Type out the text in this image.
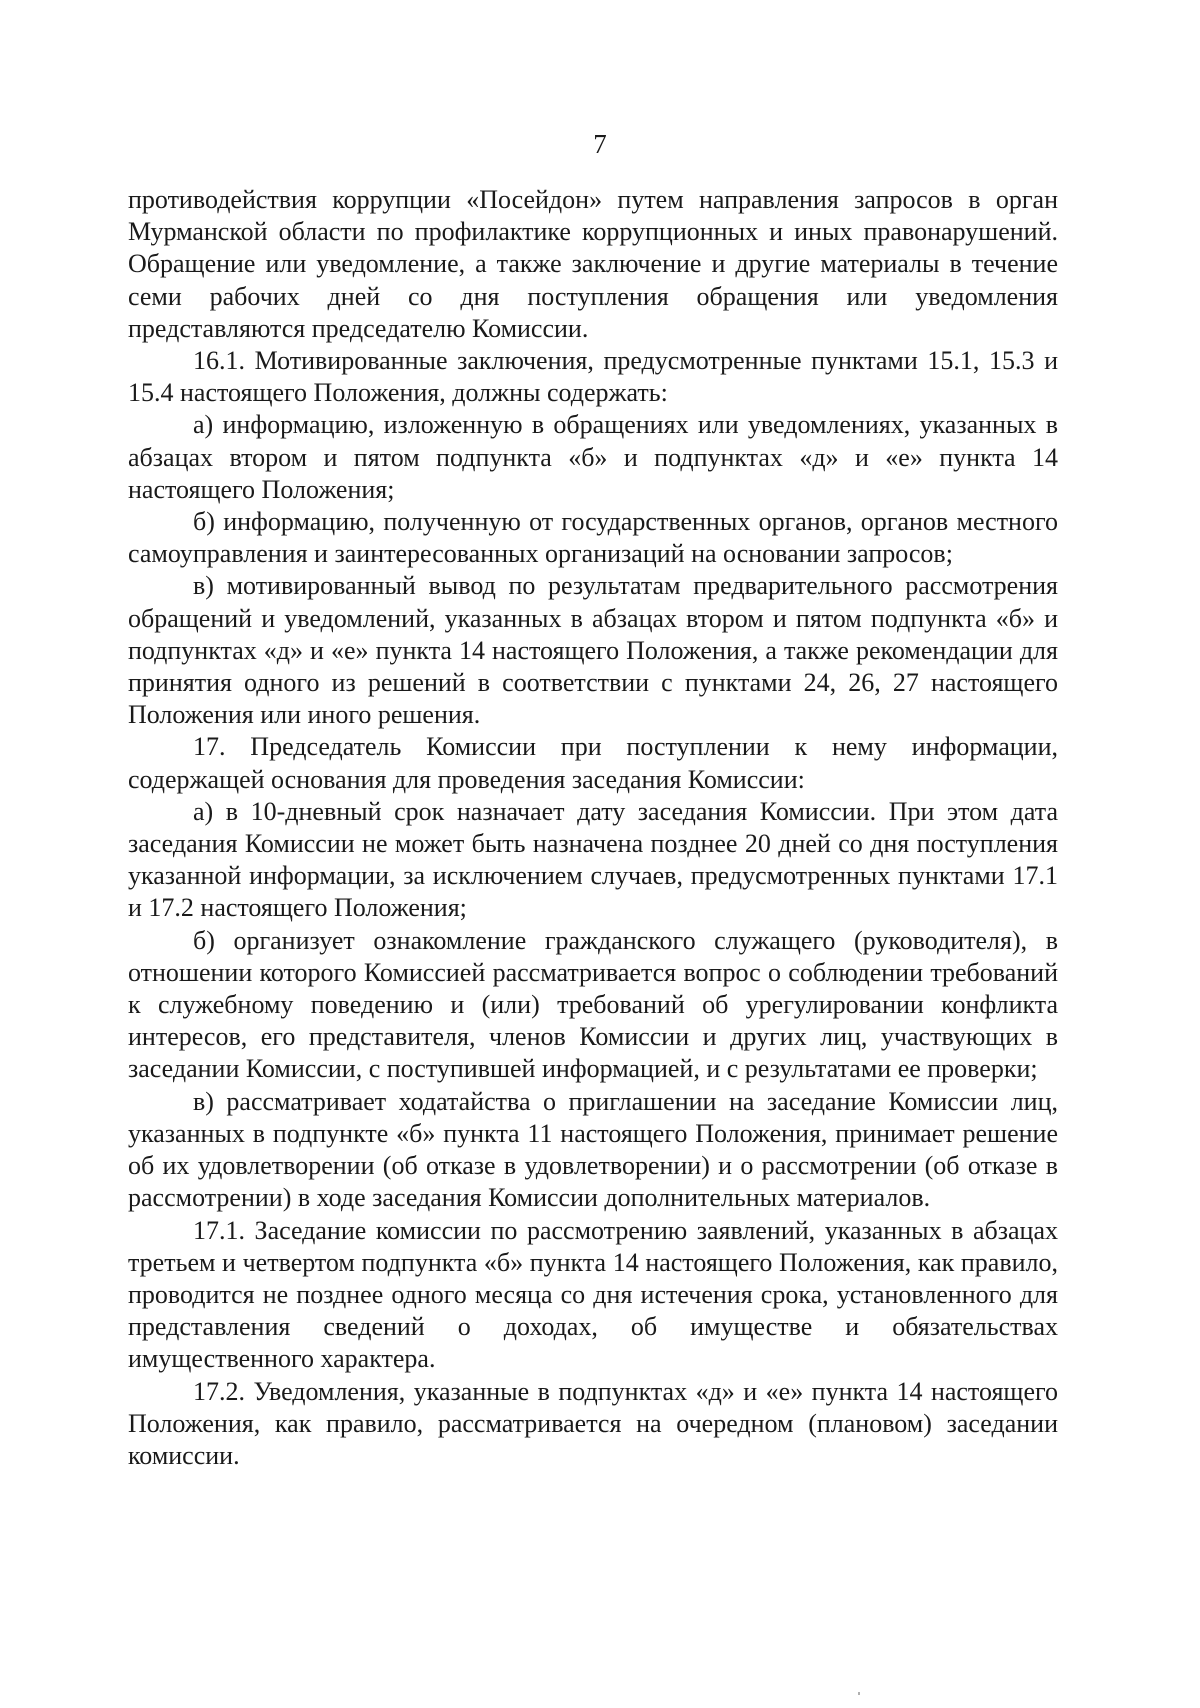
7

противодействия коррупции «Посейдон» путем направления запросов в орган Мурманской области по профилактике коррупционных и иных правонарушений. Обращение или уведомление, а также заключение и другие материалы в течение семи рабочих дней со дня поступления обращения или уведомления представляются председателю Комиссии.

16.1. Мотивированные заключения, предусмотренные пунктами 15.1, 15.3 и 15.4 настоящего Положения, должны содержать:

а) информацию, изложенную в обращениях или уведомлениях, указанных в абзацах втором и пятом подпункта «б» и подпунктах «д» и «е» пункта 14 настоящего Положения;

б) информацию, полученную от государственных органов, органов местного самоуправления и заинтересованных организаций на основании запросов;

в) мотивированный вывод по результатам предварительного рассмотрения обращений и уведомлений, указанных в абзацах втором и пятом подпункта «б» и подпунктах «д» и «е» пункта 14 настоящего Положения, а также рекомендации для принятия одного из решений в соответствии с пунктами 24, 26, 27 настоящего Положения или иного решения.

17. Председатель Комиссии при поступлении к нему информации, содержащей основания для проведения заседания Комиссии:

а) в 10-дневный срок назначает дату заседания Комиссии. При этом дата заседания Комиссии не может быть назначена позднее 20 дней со дня поступления указанной информации, за исключением случаев, предусмотренных пунктами 17.1 и 17.2 настоящего Положения;

б) организует ознакомление гражданского служащего (руководителя), в отношении которого Комиссией рассматривается вопрос о соблюдении требований к служебному поведению и (или) требований об урегулировании конфликта интересов, его представителя, членов Комиссии и других лиц, участвующих в заседании Комиссии, с поступившей информацией, и с результатами ее проверки;

в) рассматривает ходатайства о приглашении на заседание Комиссии лиц, указанных в подпункте «б» пункта 11 настоящего Положения, принимает решение об их удовлетворении (об отказе в удовлетворении) и о рассмотрении (об отказе в рассмотрении) в ходе заседания Комиссии дополнительных материалов.

17.1. Заседание комиссии по рассмотрению заявлений, указанных в абзацах третьем и четвертом подпункта «б» пункта 14 настоящего Положения, как правило, проводится не позднее одного месяца со дня истечения срока, установленного для представления сведений о доходах, об имуществе и обязательствах имущественного характера.

17.2. Уведомления, указанные в подпунктах «д» и «е» пункта 14 настоящего Положения, как правило, рассматривается на очередном (плановом) заседании комиссии.
